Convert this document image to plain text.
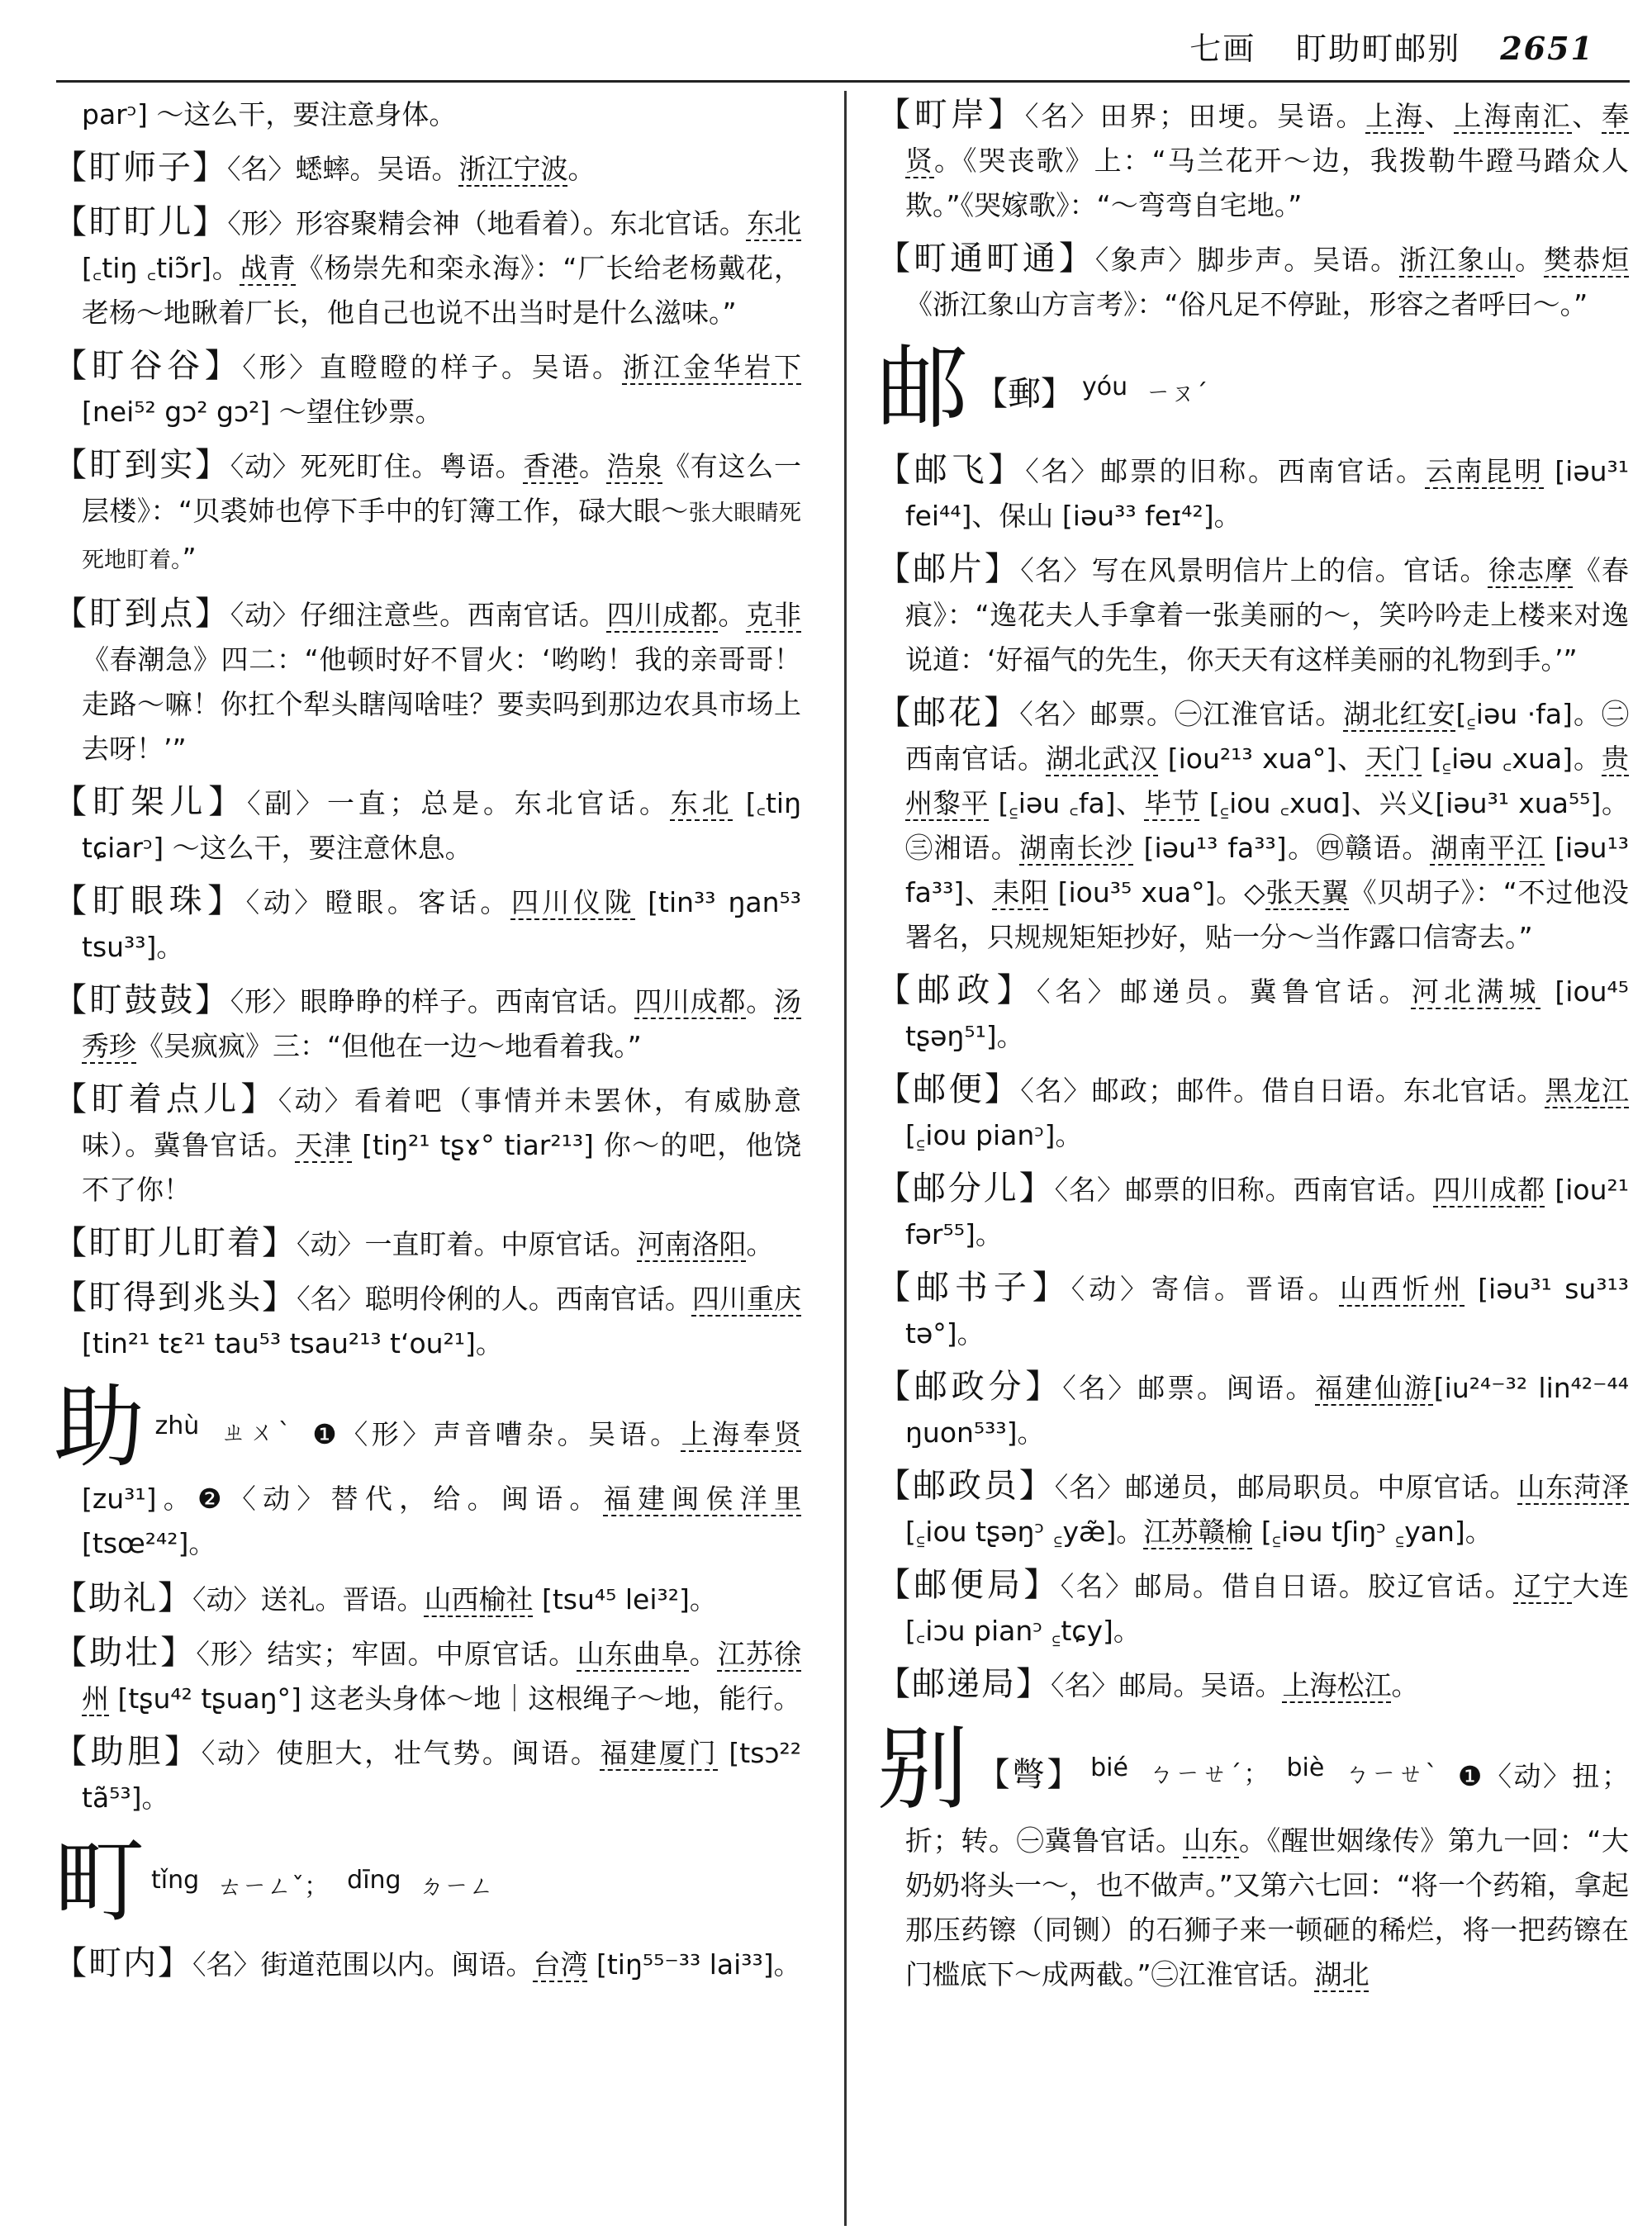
七画 盯助町邮别 2651
parᵓ] ～这么干，要注意身体。
【盯师子】〈名〉蟋蟀。吴语。浙江宁波。
【盯盯儿】〈形〉形容聚精会神（地看着）。东北官话。东北[꜀tiŋ ꜀tiɔ̃r]。战青《杨崇先和栾永海》：“厂长给老杨戴花，老杨～地瞅着厂长，他自己也说不出当时是什么滋味。”
【盯谷谷】〈形〉直瞪瞪的样子。吴语。浙江金华岩下[nei⁵² gɔ² gɔ²] ～望住钞票。
【盯到实】〈动〉死死盯住。粤语。香港。浩泉《有这么一层楼》：“贝裘姉也停下手中的钉簿工作，碌大眼～张大眼睛死死地盯着。”
【盯到点】〈动〉仔细注意些。西南官话。四川成都。克非《春潮急》四二：“他顿时好不冒火：‘哟哟！我的亲哥哥！走路～嘛！你扛个犁头瞎闯啥哇？要卖吗到那边农具市场上去呀！’”
【盯架儿】〈副〉一直；总是。东北官话。东北 [꜀tiŋ tɕiarᵓ] ～这么干，要注意休息。
【盯眼珠】〈动〉瞪眼。客话。四川仪陇 [tin³³ ŋan⁵³ tsu³³]。
【盯鼓鼓】〈形〉眼睁睁的样子。西南官话。四川成都。汤秀珍《吴疯疯》三：“但他在一边～地看着我。”
【盯着点儿】〈动〉看着吧（事情并未罢休，有威胁意味）。冀鲁官话。天津 [tiŋ²¹ tʂɤ° tiar²¹³] 你～的吧，他饶不了你！
【盯盯儿盯着】〈动〉一直盯着。中原官话。河南洛阳。
【盯得到兆头】〈名〉聪明伶俐的人。西南官话。四川重庆 [tin²¹ tɛ²¹ tau⁵³ tsau²¹³ tʻou²¹]。
助zhù ㄓㄨˋ ❶〈形〉声音嘈杂。吴语。上海奉贤[zu³¹]。❷〈动〉替代，给。闽语。福建闽侯洋里[tsœ²⁴²]。
【助礼】〈动〉送礼。晋语。山西榆社 [tsu⁴⁵ lei³²]。
【助壮】〈形〉结实；牢固。中原官话。山东曲阜。江苏徐州 [tʂu⁴² tʂuaŋ°] 这老头身体～地｜这根绳子～地，能行。
【助胆】〈动〉使胆大，壮气势。闽语。福建厦门 [tsɔ²² tã⁵³]。
町tǐng ㄊㄧㄥˇ； dīng ㄉㄧㄥ
【町内】〈名〉街道范围以内。闽语。台湾 [tiŋ⁵⁵⁻³³ lai³³]。
【町岸】〈名〉田界；田埂。吴语。上海、上海南汇、奉贤。《哭丧歌》上：“马兰花开～边，我拨勒牛蹬马踏众人欺。”《哭嫁歌》：“～弯弯自宅地。”
【町通町通】〈象声〉脚步声。吴语。浙江象山。樊恭烜《浙江象山方言考》：“俗凡足不停趾，形容之者呼曰～。”
邮 【郵】 yóu ㄧㄡˊ
【邮飞】〈名〉邮票的旧称。西南官话。云南昆明 [iəu³¹ fei⁴⁴]、保山 [iəu³³ feɪ⁴²]。
【邮片】〈名〉写在风景明信片上的信。官话。徐志摩《春痕》：“逸花夫人手拿着一张美丽的～，笑吟吟走上楼来对逸说道：‘好福气的先生，你天天有这样美丽的礼物到手。’”
【邮花】〈名〉邮票。㊀江淮官话。湖北红安[꜁iəu ·fa]。㊁西南官话。湖北武汉 [iou²¹³ xua°]、天门 [꜁iəu ꜀xua]。贵州黎平 [꜁iəu ꜀fa]、毕节 [꜁iou ꜀xuɑ]、兴义[iəu³¹ xua⁵⁵]。㊂湘语。湖南长沙 [iəu¹³ fa³³]。㊃赣语。湖南平江 [iəu¹³ fa³³]、耒阳 [iou³⁵ xua°]。◇张天翼《贝胡子》：“不过他没署名，只规规矩矩抄好，贴一分～当作露口信寄去。”
【邮政】〈名〉邮递员。冀鲁官话。河北满城 [iou⁴⁵ tʂəŋ⁵¹]。
【邮便】〈名〉邮政；邮件。借自日语。东北官话。黑龙江 [꜁iou pianᵓ]。
【邮分儿】〈名〉邮票的旧称。西南官话。四川成都 [iou²¹ fər⁵⁵]。
【邮书子】〈动〉寄信。晋语。山西忻州 [iəu³¹ su³¹³ tə°]。
【邮政分】〈名〉邮票。闽语。福建仙游[iu²⁴⁻³² lin⁴²⁻⁴⁴ ŋuon⁵³³]。
【邮政员】〈名〉邮递员，邮局职员。中原官话。山东菏泽 [꜁iou tʂəŋᵓ ꜁yæ̃]。江苏赣榆 [꜁iəu tʃiŋᵓ ꜁yan]。
【邮便局】〈名〉邮局。借自日语。胶辽官话。辽宁大连 [꜀iɔu pianᵓ ꜁tɕy]。
【邮递局】〈名〉邮局。吴语。上海松江。
别 【彆】 bié ㄅㄧㄝˊ； biè ㄅㄧㄝˋ ❶〈动〉扭；折；转。㊀冀鲁官话。山东。《醒世姻缘传》第九一回：“大奶奶将头一～，也不做声。”又第六七回：“将一个药箱，拿起那压药镲（同铡）的石狮子来一顿砸的稀烂，将一把药镲在门槛底下～成两截。”㊁江淮官话。湖北
